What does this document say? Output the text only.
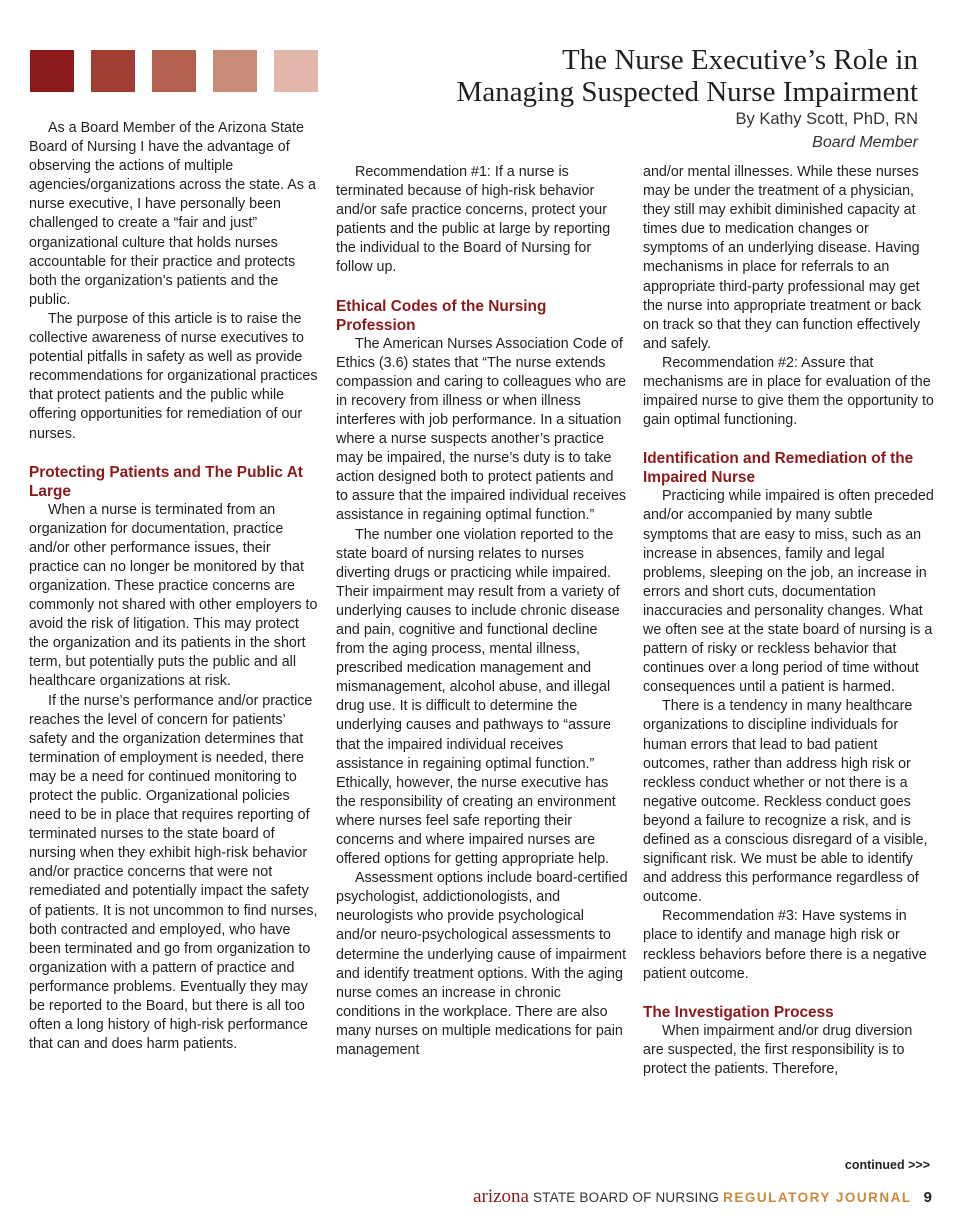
The Nurse Executive’s Role in
Managing Suspected Nurse Impairment
By Kathy Scott, PhD, RN
Board Member

As a Board Member of the Arizona State Board of Nursing I have the advantage of observing the actions of multiple agencies/organizations across the state. As a nurse executive, I have personally been challenged to create a “fair and just” organizational culture that holds nurses accountable for their practice and protects both the organization’s patients and the public.

The purpose of this article is to raise the collective awareness of nurse executives to potential pitfalls in safety as well as provide recommendations for organizational practices that protect patients and the public while offering opportunities for remediation of our nurses.

Protecting Patients and The Public At Large

When a nurse is terminated from an organization for documentation, practice and/or other performance issues, their practice can no longer be monitored by that organization. These practice concerns are commonly not shared with other employers to avoid the risk of litigation. This may protect the organization and its patients in the short term, but potentially puts the public and all healthcare organizations at risk.

If the nurse’s performance and/or practice reaches the level of concern for patients’ safety and the organization determines that termination of employment is needed, there may be a need for continued monitoring to protect the public. Organizational policies need to be in place that requires reporting of terminated nurses to the state board of nursing when they exhibit high-risk behavior and/or practice concerns that were not remediated and potentially impact the safety of patients. It is not uncommon to find nurses, both contracted and employed, who have been terminated and go from organization to organization with a pattern of practice and performance problems. Eventually they may be reported to the Board, but there is all too often a long history of high-risk performance that can and does harm patients.

Recommendation #1: If a nurse is terminated because of high-risk behavior and/or safe practice concerns, protect your patients and the public at large by reporting the individual to the Board of Nursing for follow up.

Ethical Codes of the Nursing Profession

The American Nurses Association Code of Ethics (3.6) states that “The nurse extends compassion and caring to colleagues who are in recovery from illness or when illness interferes with job performance. In a situation where a nurse suspects another’s practice may be impaired, the nurse’s duty is to take action designed both to protect patients and to assure that the impaired individual receives assistance in regaining optimal function.”

The number one violation reported to the state board of nursing relates to nurses diverting drugs or practicing while impaired. Their impairment may result from a variety of underlying causes to include chronic disease and pain, cognitive and functional decline from the aging process, mental illness, prescribed medication management and mismanagement, alcohol abuse, and illegal drug use. It is difficult to determine the underlying causes and pathways to “assure that the impaired individual receives assistance in regaining optimal function.” Ethically, however, the nurse executive has the responsibility of creating an environment where nurses feel safe reporting their concerns and where impaired nurses are offered options for getting appropriate help.

Assessment options include board-certified psychologist, addictionologists, and neurologists who provide psychological and/or neuro-psychological assessments to determine the underlying cause of impairment and identify treatment options. With the aging nurse comes an increase in chronic conditions in the workplace. There are also many nurses on multiple medications for pain management

and/or mental illnesses. While these nurses may be under the treatment of a physician, they still may exhibit diminished capacity at times due to medication changes or symptoms of an underlying disease. Having mechanisms in place for referrals to an appropriate third-party professional may get the nurse into appropriate treatment or back on track so that they can function effectively and safely.

Recommendation #2: Assure that mechanisms are in place for evaluation of the impaired nurse to give them the opportunity to gain optimal functioning.

Identification and Remediation of the Impaired Nurse

Practicing while impaired is often preceded and/or accompanied by many subtle symptoms that are easy to miss, such as an increase in absences, family and legal problems, sleeping on the job, an increase in errors and short cuts, documentation inaccuracies and personality changes. What we often see at the state board of nursing is a pattern of risky or reckless behavior that continues over a long period of time without consequences until a patient is harmed.

There is a tendency in many healthcare organizations to discipline individuals for human errors that lead to bad patient outcomes, rather than address high risk or reckless conduct whether or not there is a negative outcome. Reckless conduct goes beyond a failure to recognize a risk, and is defined as a conscious disregard of a visible, significant risk. We must be able to identify and address this performance regardless of outcome.

Recommendation #3: Have systems in place to identify and manage high risk or reckless behaviors before there is a negative patient outcome.

The Investigation Process

When impairment and/or drug diversion are suspected, the first responsibility is to protect the patients. Therefore,

continued >>>
arizona STATE BOARD OF NURSING REGULATORY JOURNAL 9
